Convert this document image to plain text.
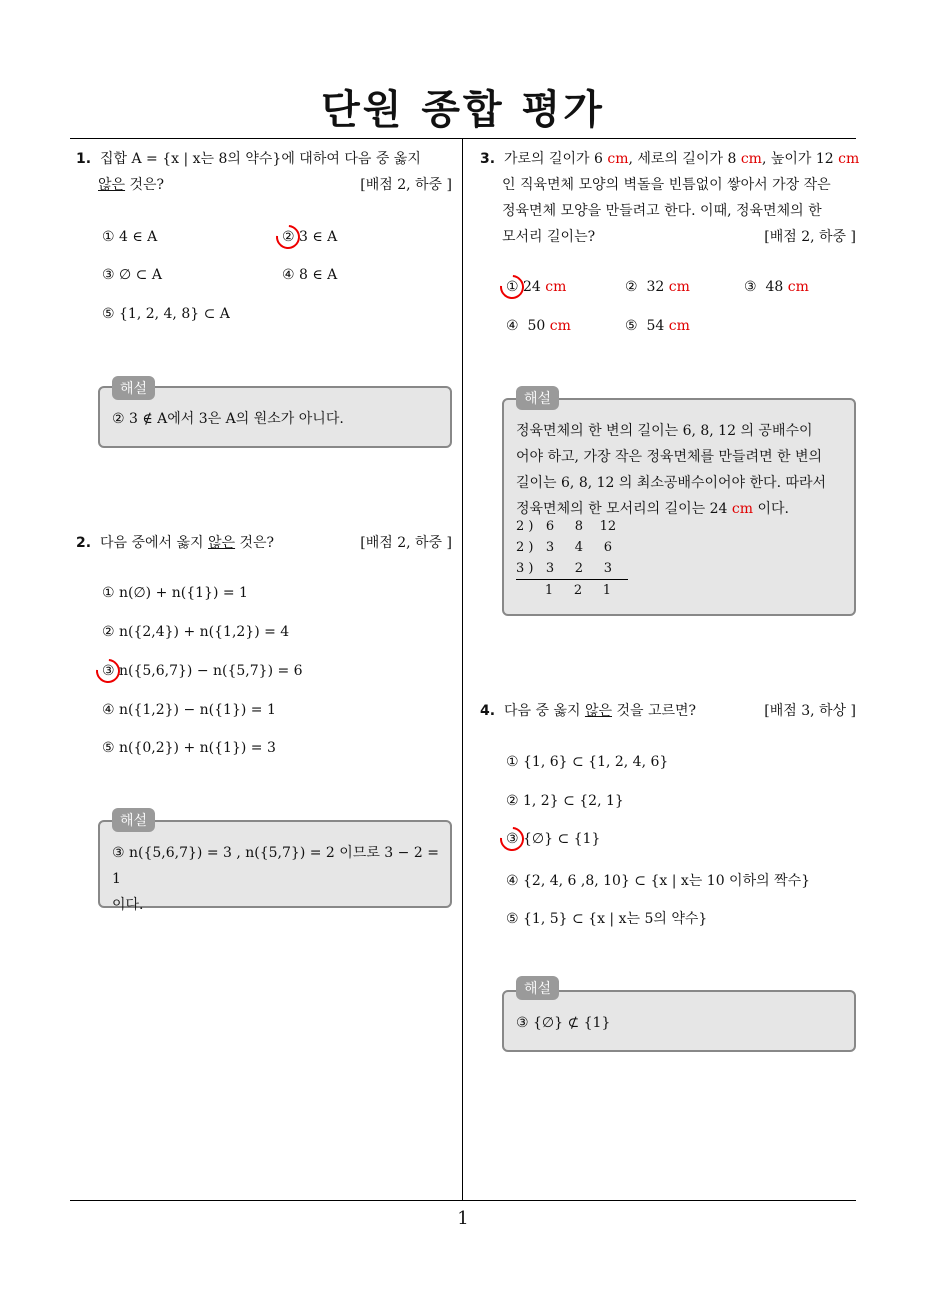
단원 종합 평가
1
1. 집합 A = {x | x는 8의 약수}에 대하여 다음 중 옳지
않은 것은?	[배점 2, 하중 ]
① 4 ∈ A	② 3 ∈ A
③ ∅ ⊂ A	④ 8 ∈ A
⑤ {1, 2, 4, 8} ⊂ A
② 3 ∉ A에서 3은 A의 원소가 아니다.
해설
2. 다음 중에서 옳지 않은 것은?	[배점 2, 하중 ]
① n(∅) + n({1}) = 1
② n({2,4}) + n({1,2}) = 4
③ n({5,6,7}) − n({5,7}) = 6
④ n({1,2}) − n({1}) = 1
⑤ n({0,2}) + n({1}) = 3
③ n({5,6,7}) = 3 , n({5,7}) = 2 이므로 3 − 2 = 1
이다.
해설
3. 가로의 길이가 6 cm, 세로의 길이가 8 cm, 높이가 12 cm
인 직육면체 모양의 벽돌을 빈틈없이 쌓아서 가장 작은
정육면체 모양을 만들려고 한다. 이때, 정육면체의 한
모서리 길이는?	[배점 2, 하중 ]
① 24 cm	② 32 cm	③ 48 cm
④ 50 cm	⑤ 54 cm
정육면체의 한 변의 길이는 6, 8, 12 의 공배수이
어야 하고, 가장 작은 정육면체를 만들려면 한 변의
길이는 6, 8, 12 의 최소공배수이어야 한다. 따라서
정육면체의 한 모서리의 길이는 24 cm 이다.
2 )   6     8    12
2 )   3     4     6
3 )   3     2     3
1     2     1
해설
4. 다음 중 옳지 않은 것을 고르면?	[배점 3, 하상 ]
① {1, 6} ⊂ {1, 2, 4, 6}
② 1, 2} ⊂ {2, 1}
③ {∅} ⊂ {1}
④ {2, 4, 6 ,8, 10} ⊂ {x | x는 10 이하의 짝수}
⑤ {1, 5} ⊂ {x | x는 5의 약수}
③ {∅} ⊄ {1}
해설
